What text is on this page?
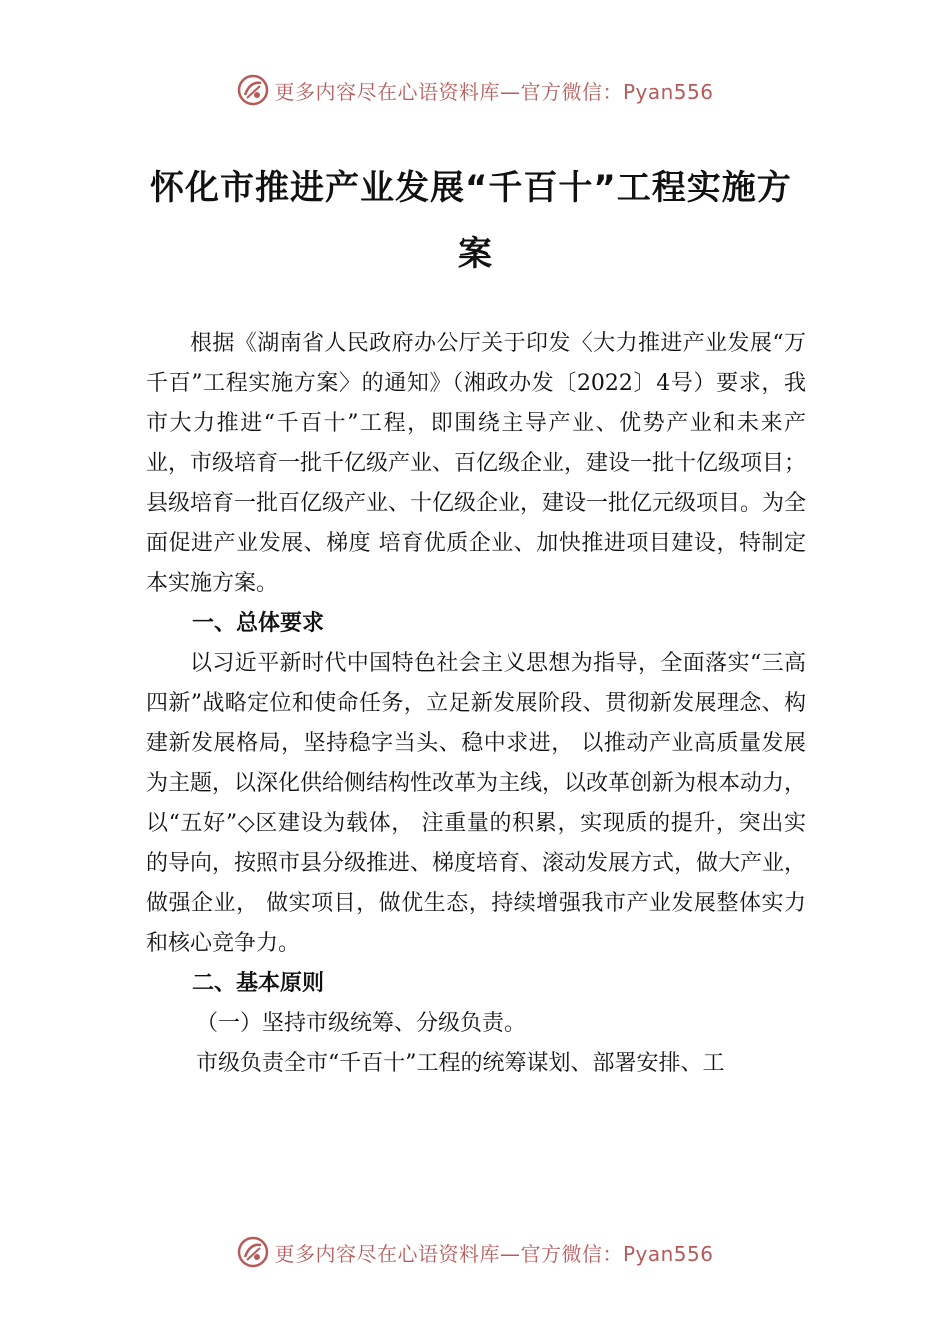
更多内容尽在心语资料库—官方微信：Pyan556
怀化市推进产业发展“千百十”工程实施方
案

根据《湖南省人民政府办公厅关于印发〈大力推进产业发展“万千百”工程实施方案〉的通知》（湘政办发〔2022〕4号）要求，我市大力推进“千百十”工程，即围绕主导产业、优势产业和未来产业，市级培育一批千亿级产业、百亿级企业，建设一批十亿级项目；县级培育一批百亿级产业、十亿级企业，建设一批亿元级项目。为全面促进产业发展、梯度 培育优质企业、加快推进项目建设，特制定本实施方案。

一、总体要求

以习近平新时代中国特色社会主义思想为指导，全面落实“三高四新”战略定位和使命任务，立足新发展阶段、贯彻新发展理念、构建新发展格局，坚持稳字当头、稳中求进， 以推动产业高质量发展为主题，以深化供给侧结构性改革为主线，以改革创新为根本动力，以“五好”◇区建设为载体， 注重量的积累，实现质的提升，突出实的导向，按照市县分级推进、梯度培育、滚动发展方式，做大产业，做强企业， 做实项目，做优生态，持续增强我市产业发展整体实力和核心竞争力。

二、基本原则
（一）坚持市级统筹、分级负责。

市级负责全市“千百十”工程的统筹谋划、部署安排、工

更多内容尽在心语资料库—官方微信：Pyan556
